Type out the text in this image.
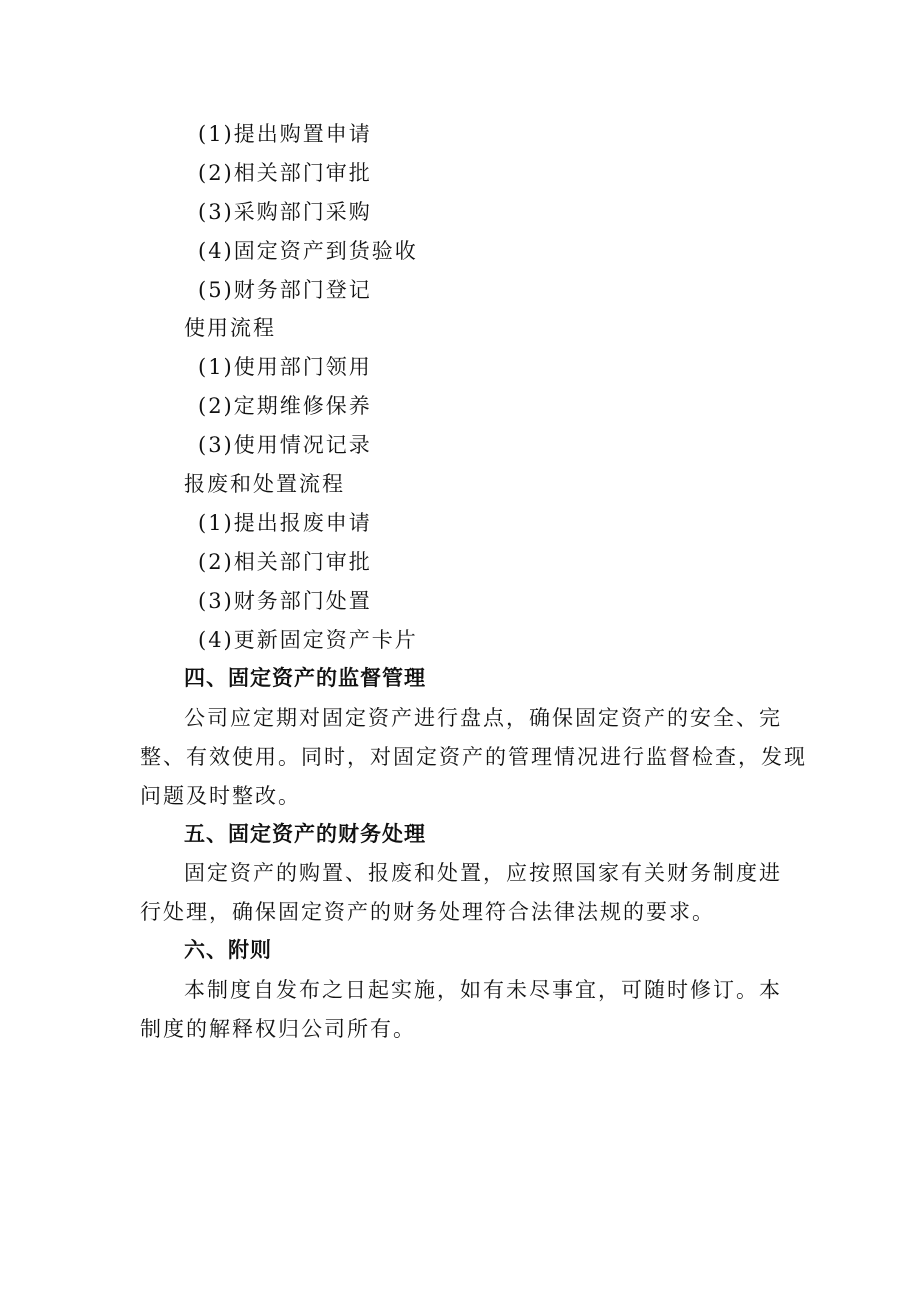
(1)提出购置申请
(2)相关部门审批
(3)采购部门采购
(4)固定资产到货验收
(5)财务部门登记
使用流程
(1)使用部门领用
(2)定期维修保养
(3)使用情况记录
报废和处置流程
(1)提出报废申请
(2)相关部门审批
(3)财务部门处置
(4)更新固定资产卡片
四、固定资产的监督管理
公司应定期对固定资产进行盘点，确保固定资产的安全、完
整、有效使用。同时，对固定资产的管理情况进行监督检查，发现
问题及时整改。
五、固定资产的财务处理
固定资产的购置、报废和处置，应按照国家有关财务制度进
行处理，确保固定资产的财务处理符合法律法规的要求。
六、附则
本制度自发布之日起实施，如有未尽事宜，可随时修订。本
制度的解释权归公司所有。
